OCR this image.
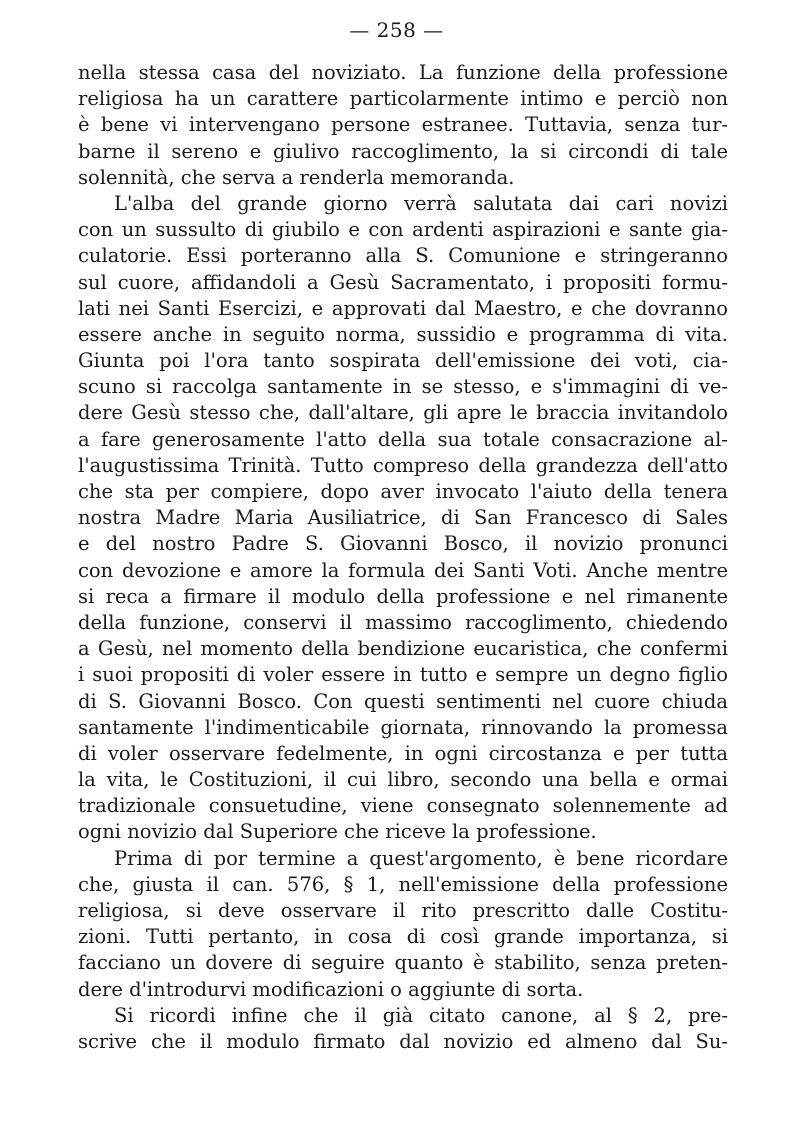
— 258 —
nella stessa casa del noviziato. La funzione della professione
religiosa ha un carattere particolarmente intimo e perciò non
è bene vi intervengano persone estranee. Tuttavia, senza tur-
barne il sereno e giulivo raccoglimento, la si circondi di tale
solennità, che serva a renderla memoranda.
L'alba del grande giorno verrà salutata dai cari novizi
con un sussulto di giubilo e con ardenti aspirazioni e sante gia-
culatorie. Essi porteranno alla S. Comunione e stringeranno
sul cuore, affidandoli a Gesù Sacramentato, i propositi formu-
lati nei Santi Esercizi, e approvati dal Maestro, e che dovranno
essere anche in seguito norma, sussidio e programma di vita.
Giunta poi l'ora tanto sospirata dell'emissione dei voti, cia-
scuno si raccolga santamente in se stesso, e s'immagini di ve-
dere Gesù stesso che, dall'altare, gli apre le braccia invitandolo
a fare generosamente l'atto della sua totale consacrazione al-
l'augustissima Trinità. Tutto compreso della grandezza dell'atto
che sta per compiere, dopo aver invocato l'aiuto della tenera
nostra Madre Maria Ausiliatrice, di San Francesco di Sales
e del nostro Padre S. Giovanni Bosco, il novizio pronunci
con devozione e amore la formula dei Santi Voti. Anche mentre
si reca a firmare il modulo della professione e nel rimanente
della funzione, conservi il massimo raccoglimento, chiedendo
a Gesù, nel momento della bendizione eucaristica, che confermi
i suoi propositi di voler essere in tutto e sempre un degno figlio
di S. Giovanni Bosco. Con questi sentimenti nel cuore chiuda
santamente l'indimenticabile giornata, rinnovando la promessa
di voler osservare fedelmente, in ogni circostanza e per tutta
la vita, le Costituzioni, il cui libro, secondo una bella e ormai
tradizionale consuetudine, viene consegnato solennemente ad
ogni novizio dal Superiore che riceve la professione.
Prima di por termine a quest'argomento, è bene ricordare
che, giusta il can. 576, § 1, nell'emissione della professione
religiosa, si deve osservare il rito prescritto dalle Costitu-
zioni. Tutti pertanto, in cosa di così grande importanza, si
facciano un dovere di seguire quanto è stabilito, senza preten-
dere d'introdurvi modificazioni o aggiunte di sorta.
Si ricordi infine che il già citato canone, al § 2, pre-
scrive che il modulo firmato dal novizio ed almeno dal Su-
